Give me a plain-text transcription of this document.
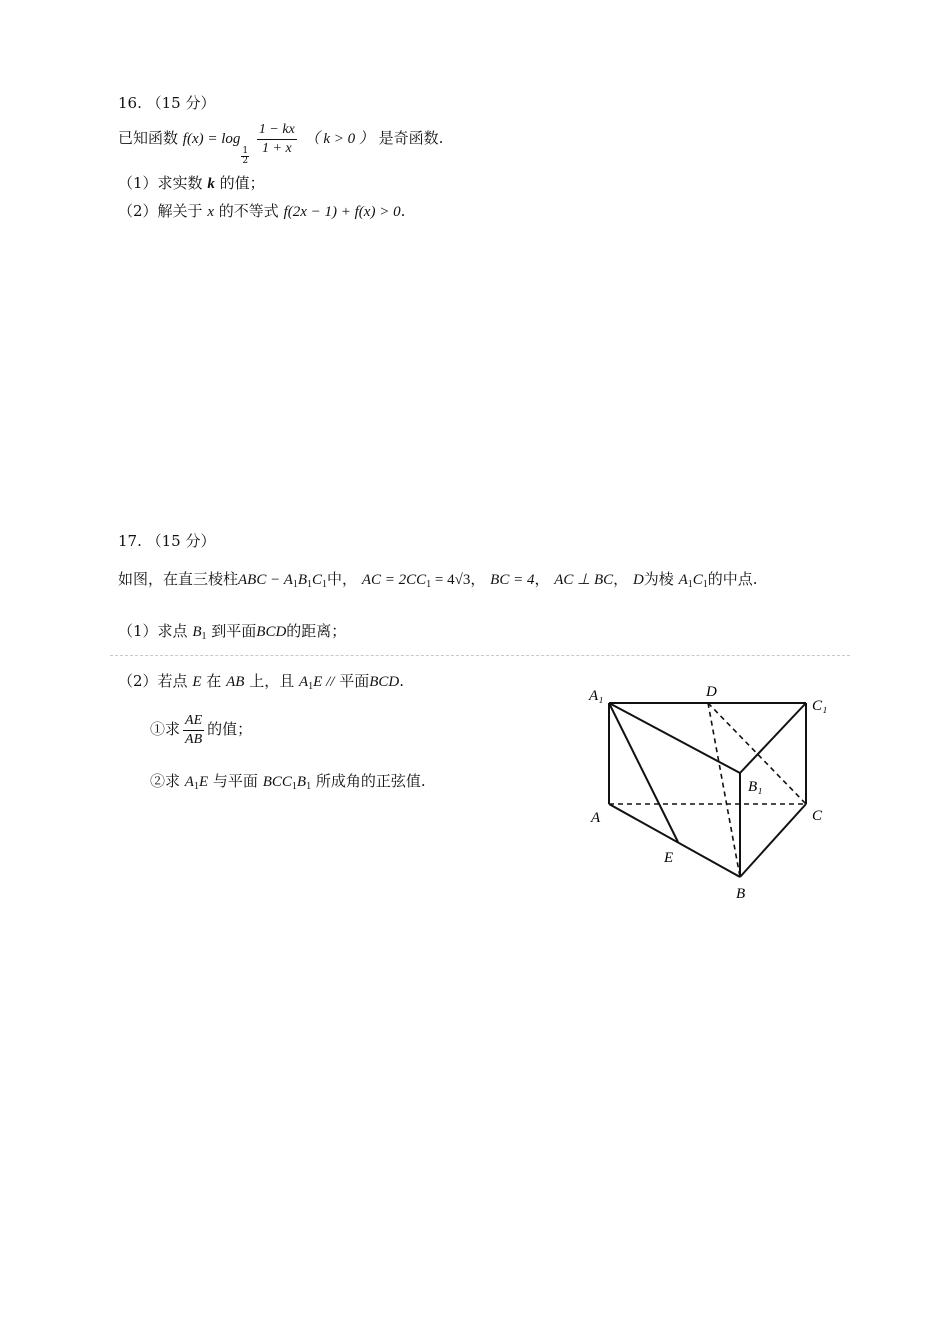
16. （15 分）
已知函数 f(x) = log
$\frac{1}{2}$

$\frac{1 - kx}{1 + x}$ （ k > 0 ） 是奇函数.
（1）求实数 k 的值；
（2）解关于 x 的不等式 f(2x − 1) + f(x) > 0.
17. （15 分）
如图，在直三棱柱ABC − $A_1B_1C_1$中， AC = $2CC_1 = 4√3$， BC = 4， AC ⊥ BC， D为棱 $A_1C_1$的中点.
（1）求点 $B_1$ 到平面BCD的距离；
（2）若点 E 在 AB 上，且 $A_1E$ // 平面BCD.
①求 $\frac{AE}{AB}$ 的值；
②求 $A_1E$ 与平面 $BCC_1B_1$ 所成角的正弦值.
A₁	D
C₁
B₁
A	C
E
B
